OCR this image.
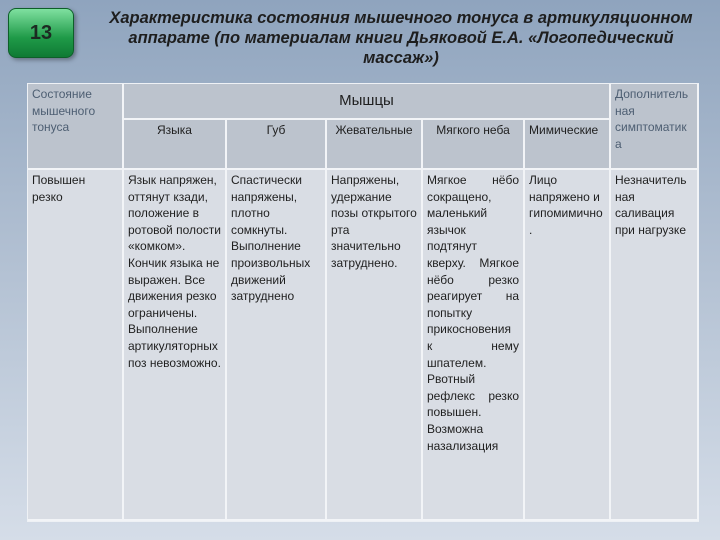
13
Характеристика состояния мышечного тонуса в артикуляционном аппарате (по материалам книги Дьяковой Е.А. «Логопедический массаж»)
Состояние мышечного тонуса	Мышцы					Дополнительная симптоматика
	Языка	Губ	Жевательные	Мягкого неба	Мимические	
Повышен резко	Язык напряжен, оттянут кзади, положение в ротовой полости «комком». Кончик языка не выражен. Все движения резко ограничены. Выполнение артикуляторных поз невозможно.	Спастически напряжены, плотно сомкнуты. Выполнение произвольных движений затруднено	Напряжены, удержание позы открытого рта значительно затруднено.	Мягкое нёбо сокращено, маленький язычок подтянут кверху. Мягкое нёбо резко реагирует на попытку прикосновения к нему шпателем. Рвотный рефлекс резко повышен. Возможна назализация	Лицо напряжено и гипомимично.	Незначительная саливация при нагрузке
